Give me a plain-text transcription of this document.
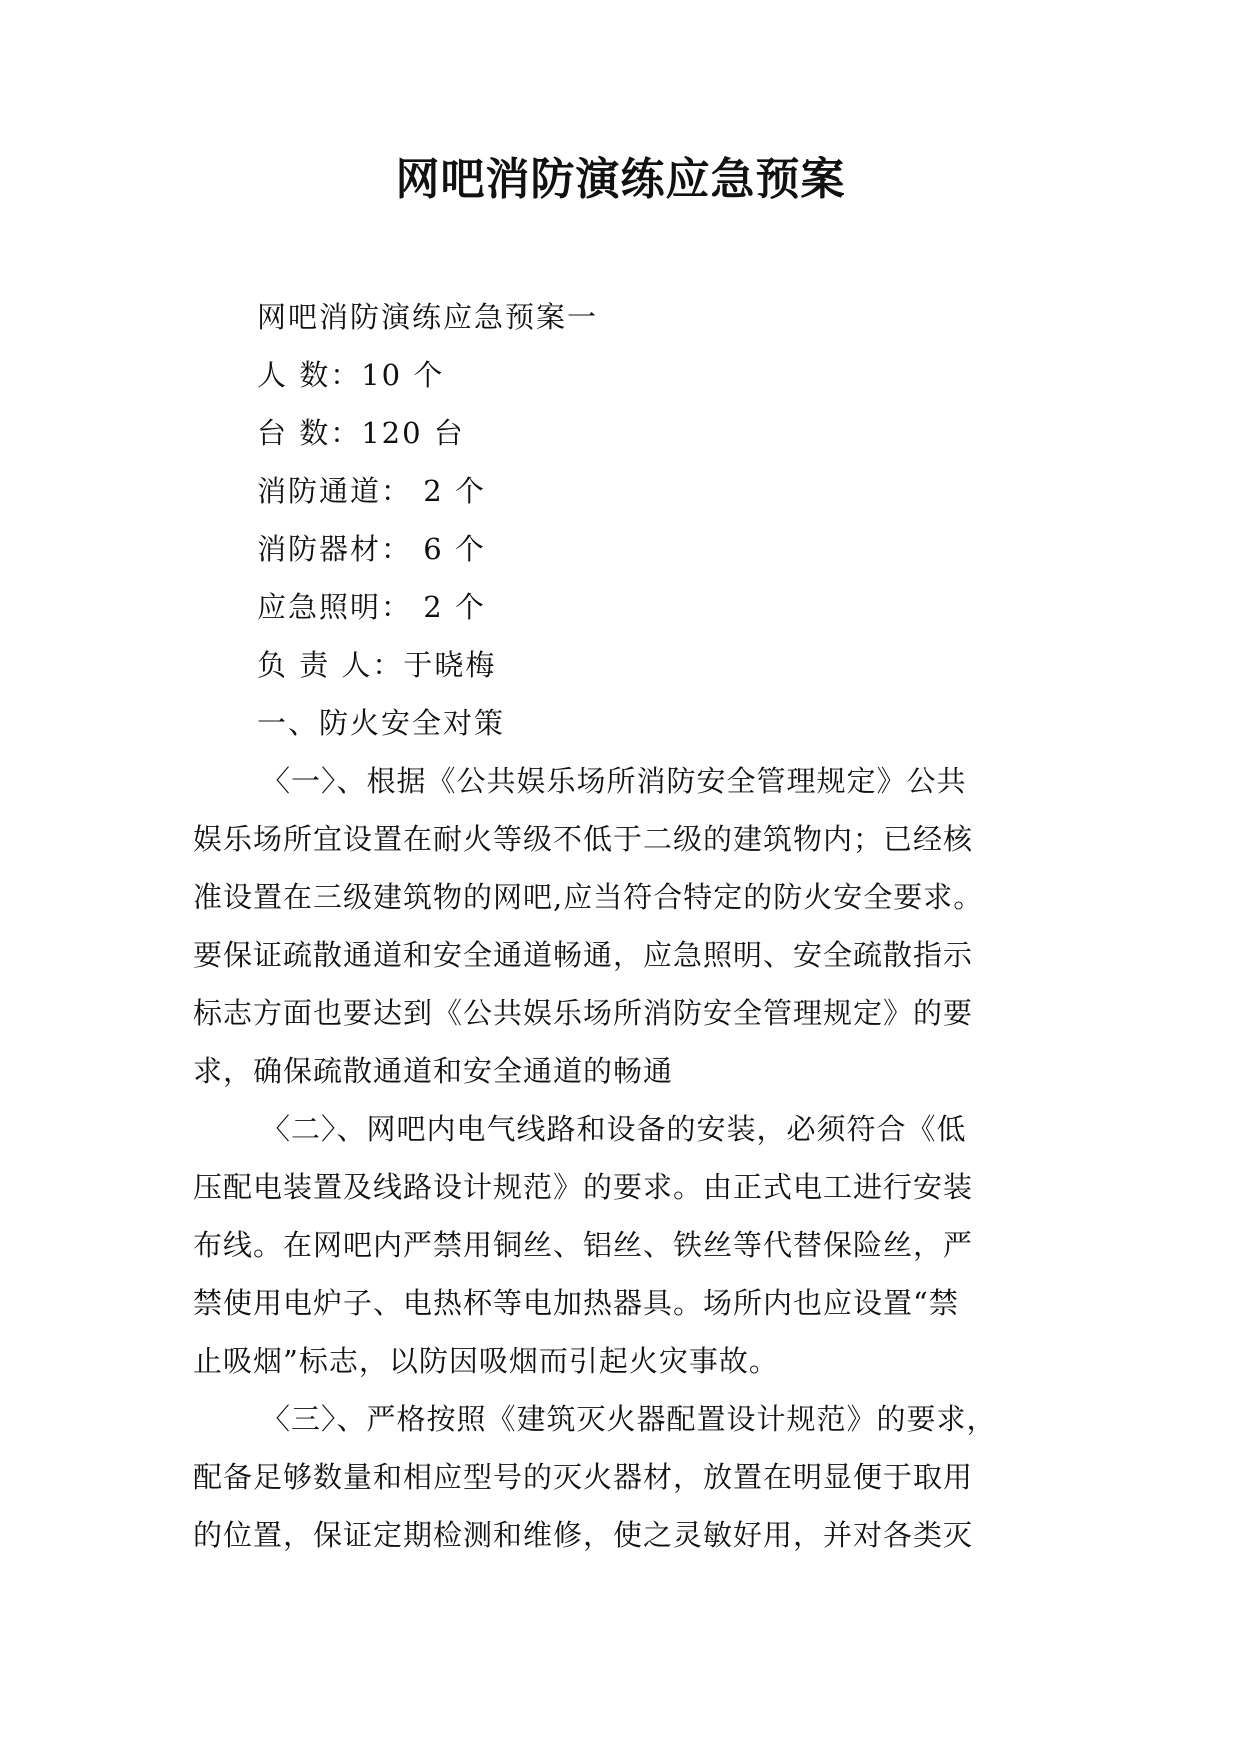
网吧消防演练应急预案
网吧消防演练应急预案一
人 数：10 个
台 数：120 台
消防通道： 2 个
消防器材： 6 个
应急照明： 2 个
负 责 人：于晓梅
一、防火安全对策
〈一〉、根据《公共娱乐场所消防安全管理规定》公共
娱乐场所宜设置在耐火等级不低于二级的建筑物内；已经核
准设置在三级建筑物的网吧,应当符合特定的防火安全要求。
要保证疏散通道和安全通道畅通，应急照明、安全疏散指示
标志方面也要达到《公共娱乐场所消防安全管理规定》的要
求，确保疏散通道和安全通道的畅通
〈二〉、网吧内电气线路和设备的安装，必须符合《低
压配电装置及线路设计规范》的要求。由正式电工进行安装
布线。在网吧内严禁用铜丝、铝丝、铁丝等代替保险丝，严
禁使用电炉子、电热杯等电加热器具。场所内也应设置“禁
止吸烟”标志，以防因吸烟而引起火灾事故。
〈三〉、严格按照《建筑灭火器配置设计规范》的要求，
配备足够数量和相应型号的灭火器材，放置在明显便于取用
的位置，保证定期检测和维修，使之灵敏好用，并对各类灭
